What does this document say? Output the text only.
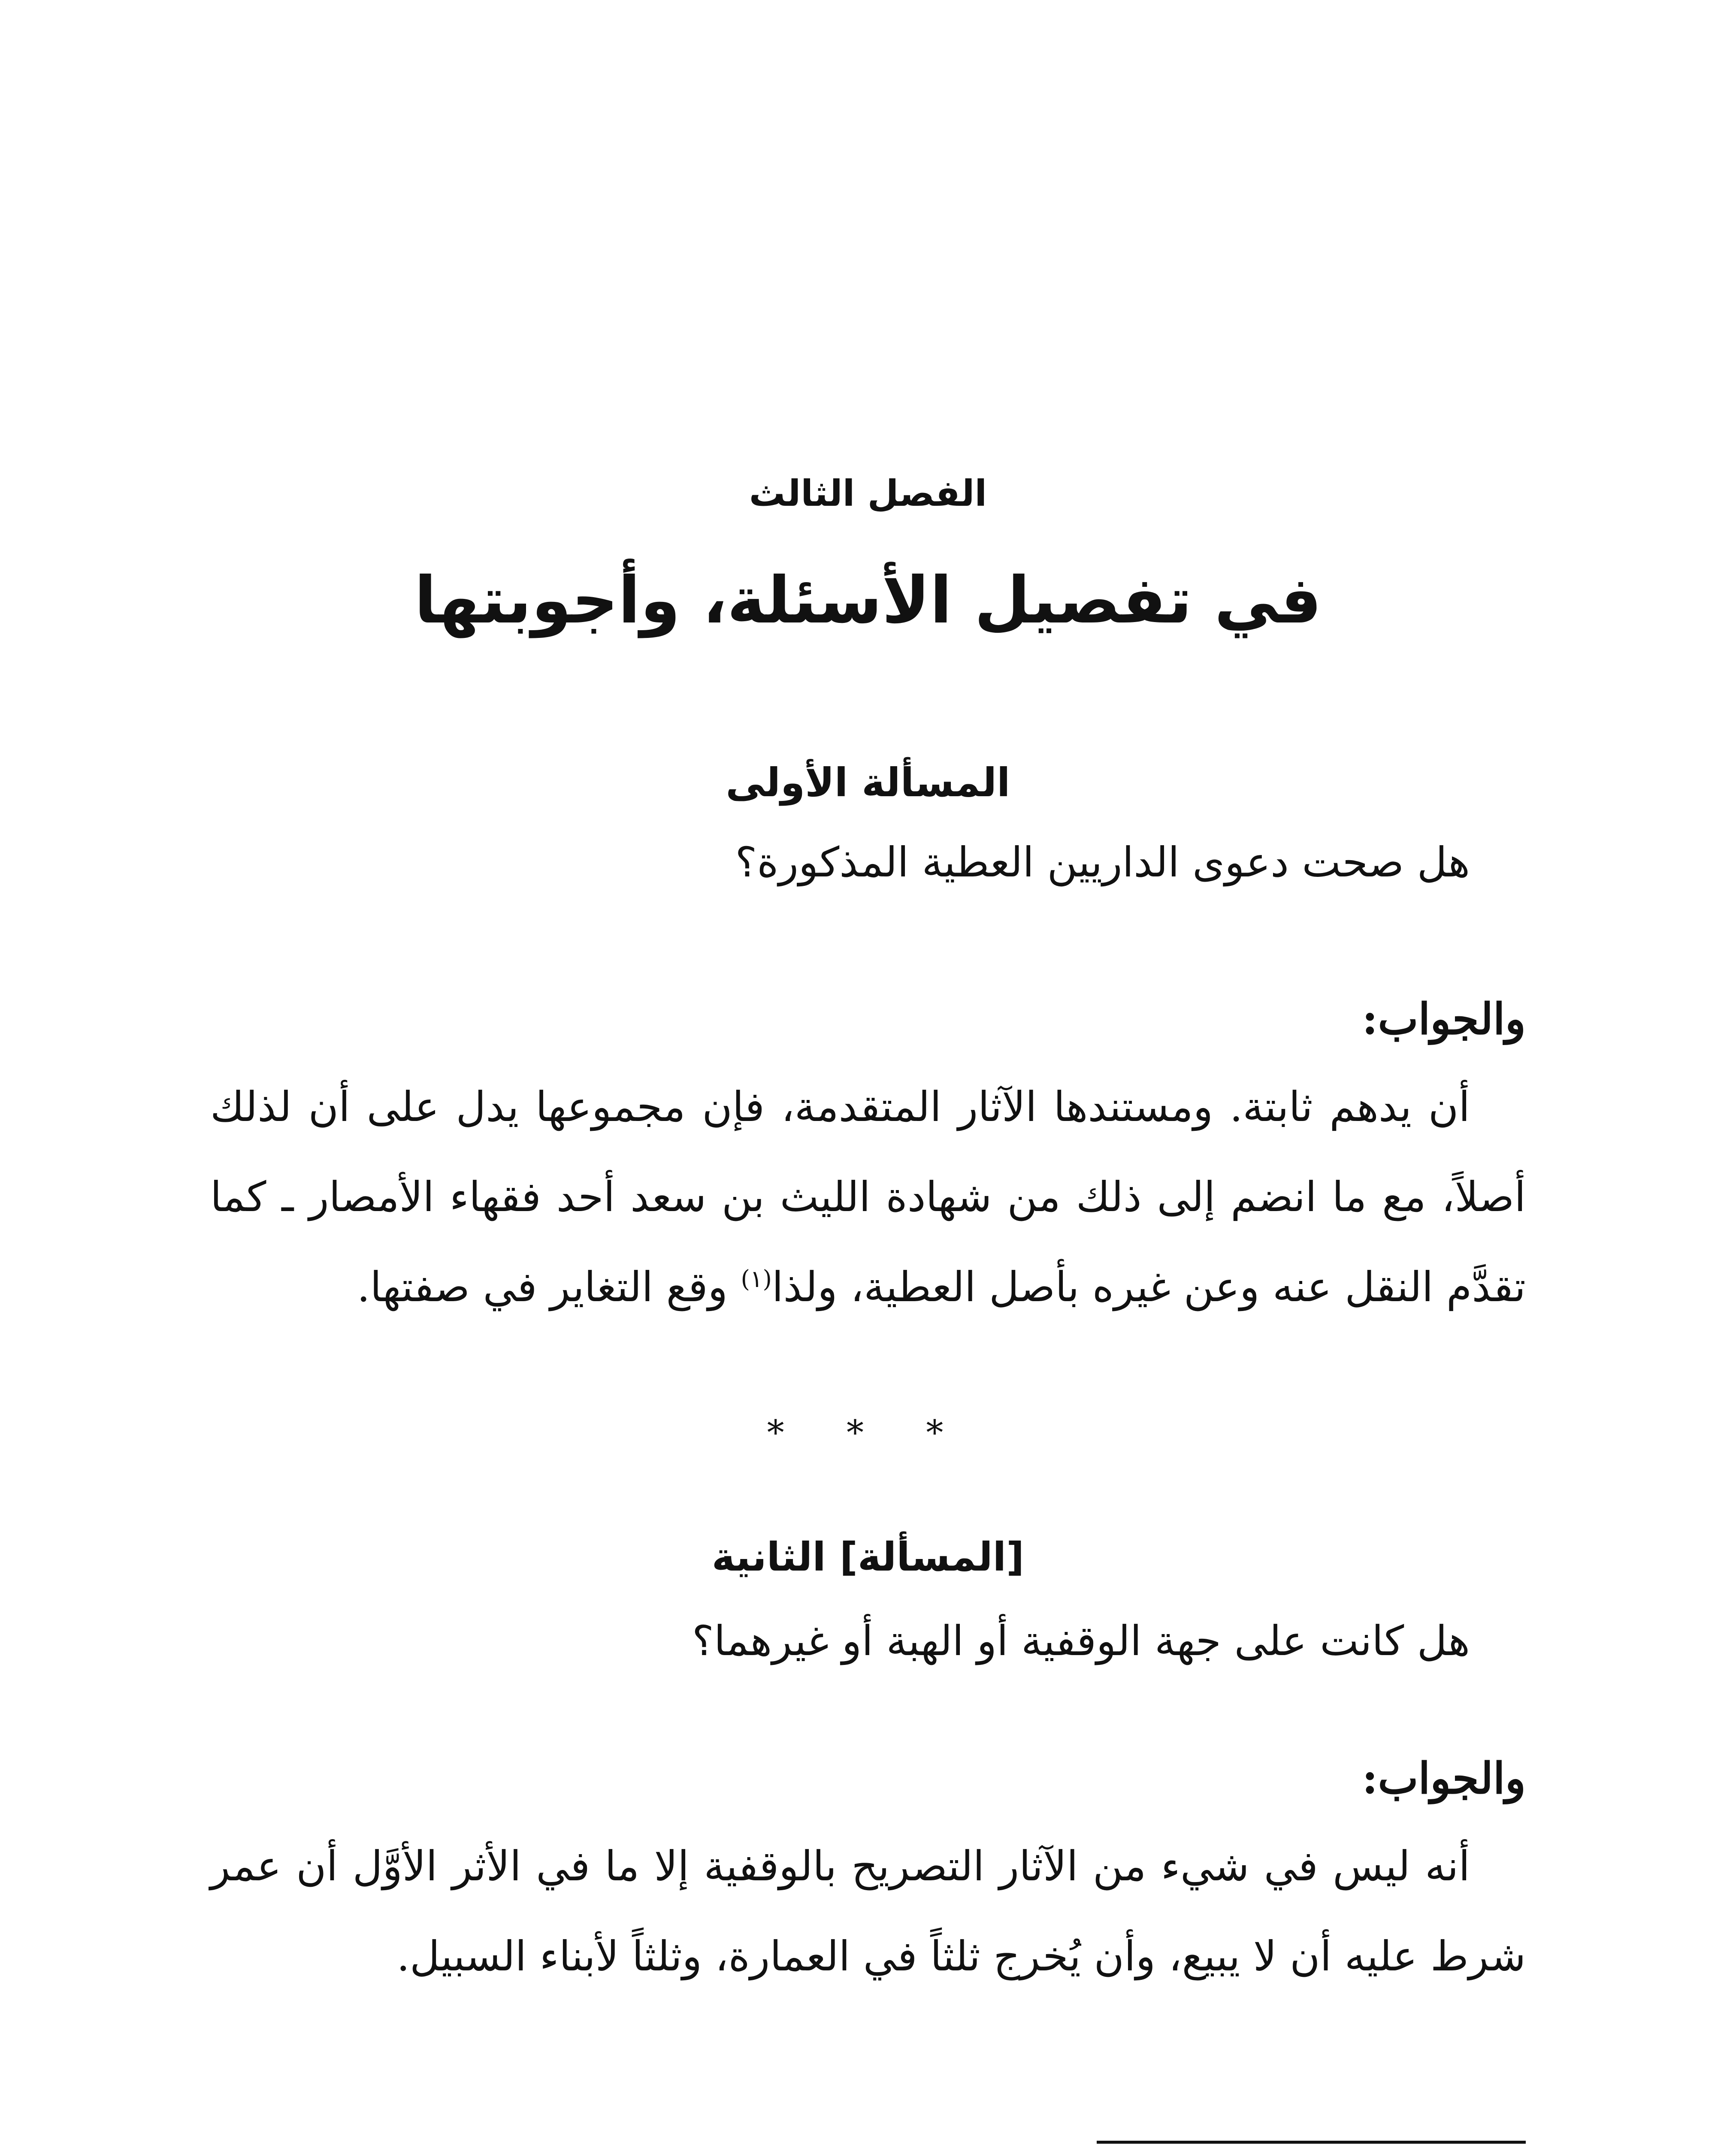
الفصل الثالث
في تفصيل الأسئلة، وأجوبتها
المسألة الأولى
هل صحت دعوى الداريين العطية المذكورة؟
والجواب:

أن يدهم ثابتة. ومستندها الآثار المتقدمة، فإن مجموعها يدل على أن لذلك أصلاً، مع ما انضم إلى ذلك من شهادة الليث بن سعد أحد فقهاء الأمصار ـ كما تقدَّم النقل عنه وعن غيره بأصل العطية، ولذا$^{(١)}$ وقع التغاير في صفتها.

* * *
[المسألة] الثانية
هل كانت على جهة الوقفية أو الهبة أو غيرهما؟
والجواب:

أنه ليس في شيء من الآثار التصريح بالوقفية إلا ما في الأثر الأوَّل أن عمر شرط عليه أن لا يبيع، وأن يُخرج ثلثاً في العمارة، وثلثاً لأبناء السبيل.
